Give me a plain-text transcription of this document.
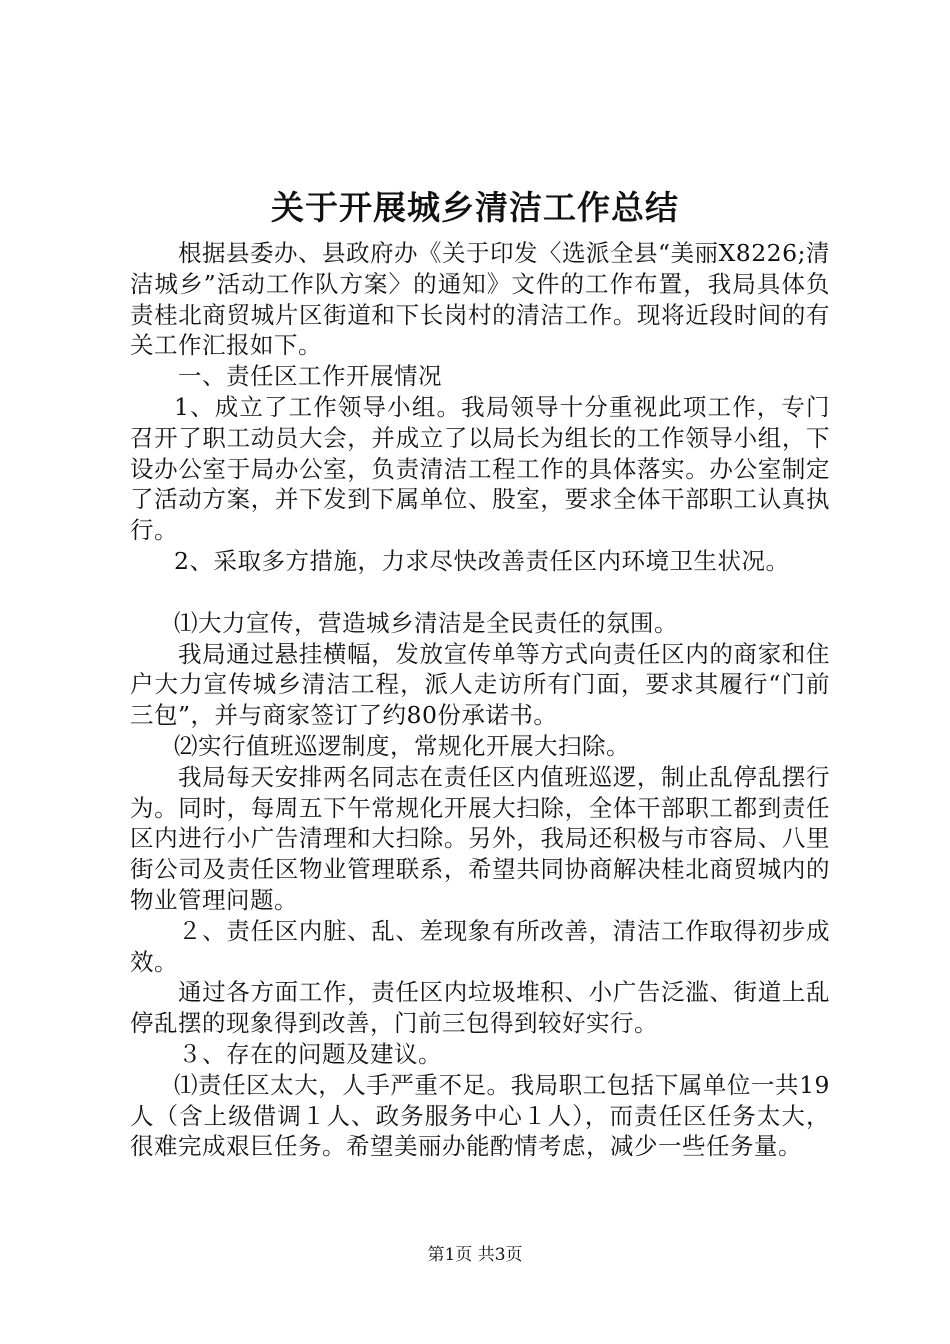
关于开展城乡清洁工作总结

根据县委办、县政府办《关于印发〈选派全县“美丽X8226;清洁城乡”活动工作队方案〉的通知》文件的工作布置，我局具体负责桂北商贸城片区街道和下长岗村的清洁工作。现将近段时间的有关工作汇报如下。

一、责任区工作开展情况

1、成立了工作领导小组。我局领导十分重视此项工作，专门召开了职工动员大会，并成立了以局长为组长的工作领导小组，下设办公室于局办公室，负责清洁工程工作的具体落实。办公室制定了活动方案，并下发到下属单位、股室，要求全体干部职工认真执行。

2、采取多方措施，力求尽快改善责任区内环境卫生状况。

⑴大力宣传，营造城乡清洁是全民责任的氛围。

我局通过悬挂横幅，发放宣传单等方式向责任区内的商家和住户大力宣传城乡清洁工程，派人走访所有门面，要求其履行“门前三包”，并与商家签订了约80份承诺书。

⑵实行值班巡逻制度，常规化开展大扫除。

我局每天安排两名同志在责任区内值班巡逻，制止乱停乱摆行为。同时，每周五下午常规化开展大扫除，全体干部职工都到责任区内进行小广告清理和大扫除。另外，我局还积极与市容局、八里街公司及责任区物业管理联系，希望共同协商解决桂北商贸城内的物业管理问题。

２、责任区内脏、乱、差现象有所改善，清洁工作取得初步成效。

通过各方面工作，责任区内垃圾堆积、小广告泛滥、街道上乱停乱摆的现象得到改善，门前三包得到较好实行。

３、存在的问题及建议。

⑴责任区太大，人手严重不足。我局职工包括下属单位一共19人（含上级借调１人、政务服务中心１人），而责任区任务太大，很难完成艰巨任务。希望美丽办能酌情考虑，减少一些任务量。

第1页 共3页
